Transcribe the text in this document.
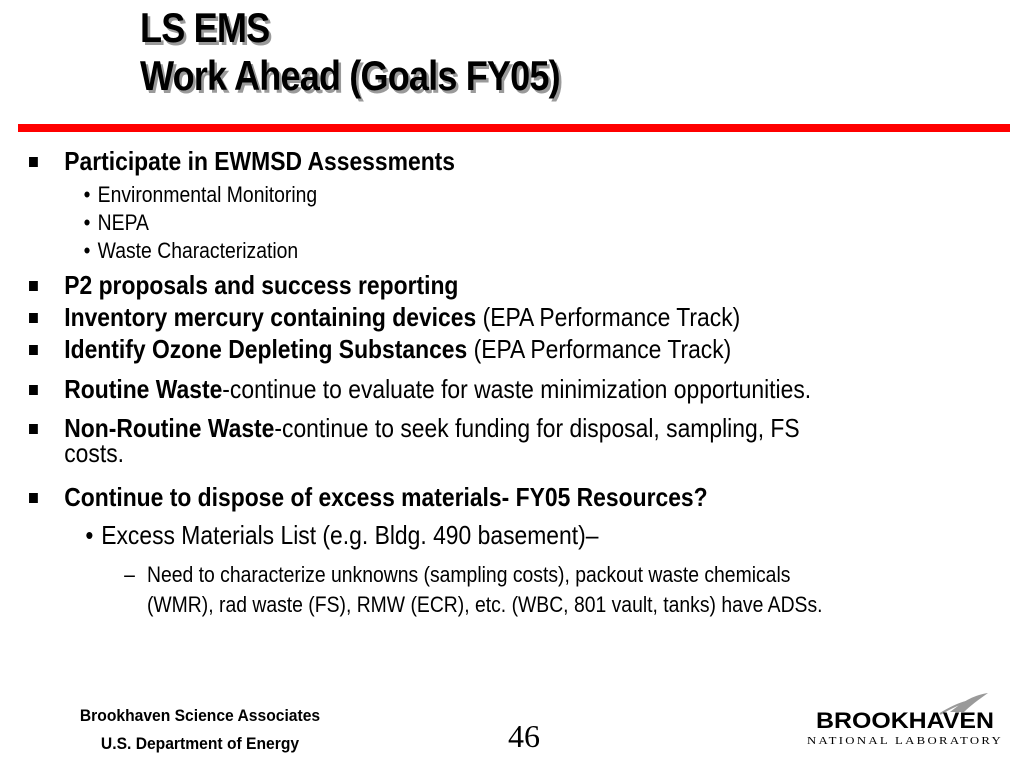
LS EMS
Work Ahead (Goals FY05)
Participate in EWMSD Assessments
• Environmental Monitoring
• NEPA
• Waste Characterization
P2 proposals and success reporting
Inventory mercury containing devices (EPA Performance Track)
Identify Ozone Depleting Substances (EPA Performance Track)
Routine Waste-continue to evaluate for waste minimization opportunities.
Non-Routine Waste-continue to seek funding for disposal, sampling, FS
costs.
Continue to dispose of excess materials- FY05 Resources?
• Excess Materials List (e.g. Bldg. 490 basement)–
– Need to characterize unknowns (sampling costs), packout waste chemicals
(WMR), rad waste (FS), RMW (ECR), etc. (WBC, 801 vault, tanks) have ADSs.
Brookhaven Science Associates
U.S. Department of Energy	46	BROOKHAVEN
NATIONAL LABORATORY
